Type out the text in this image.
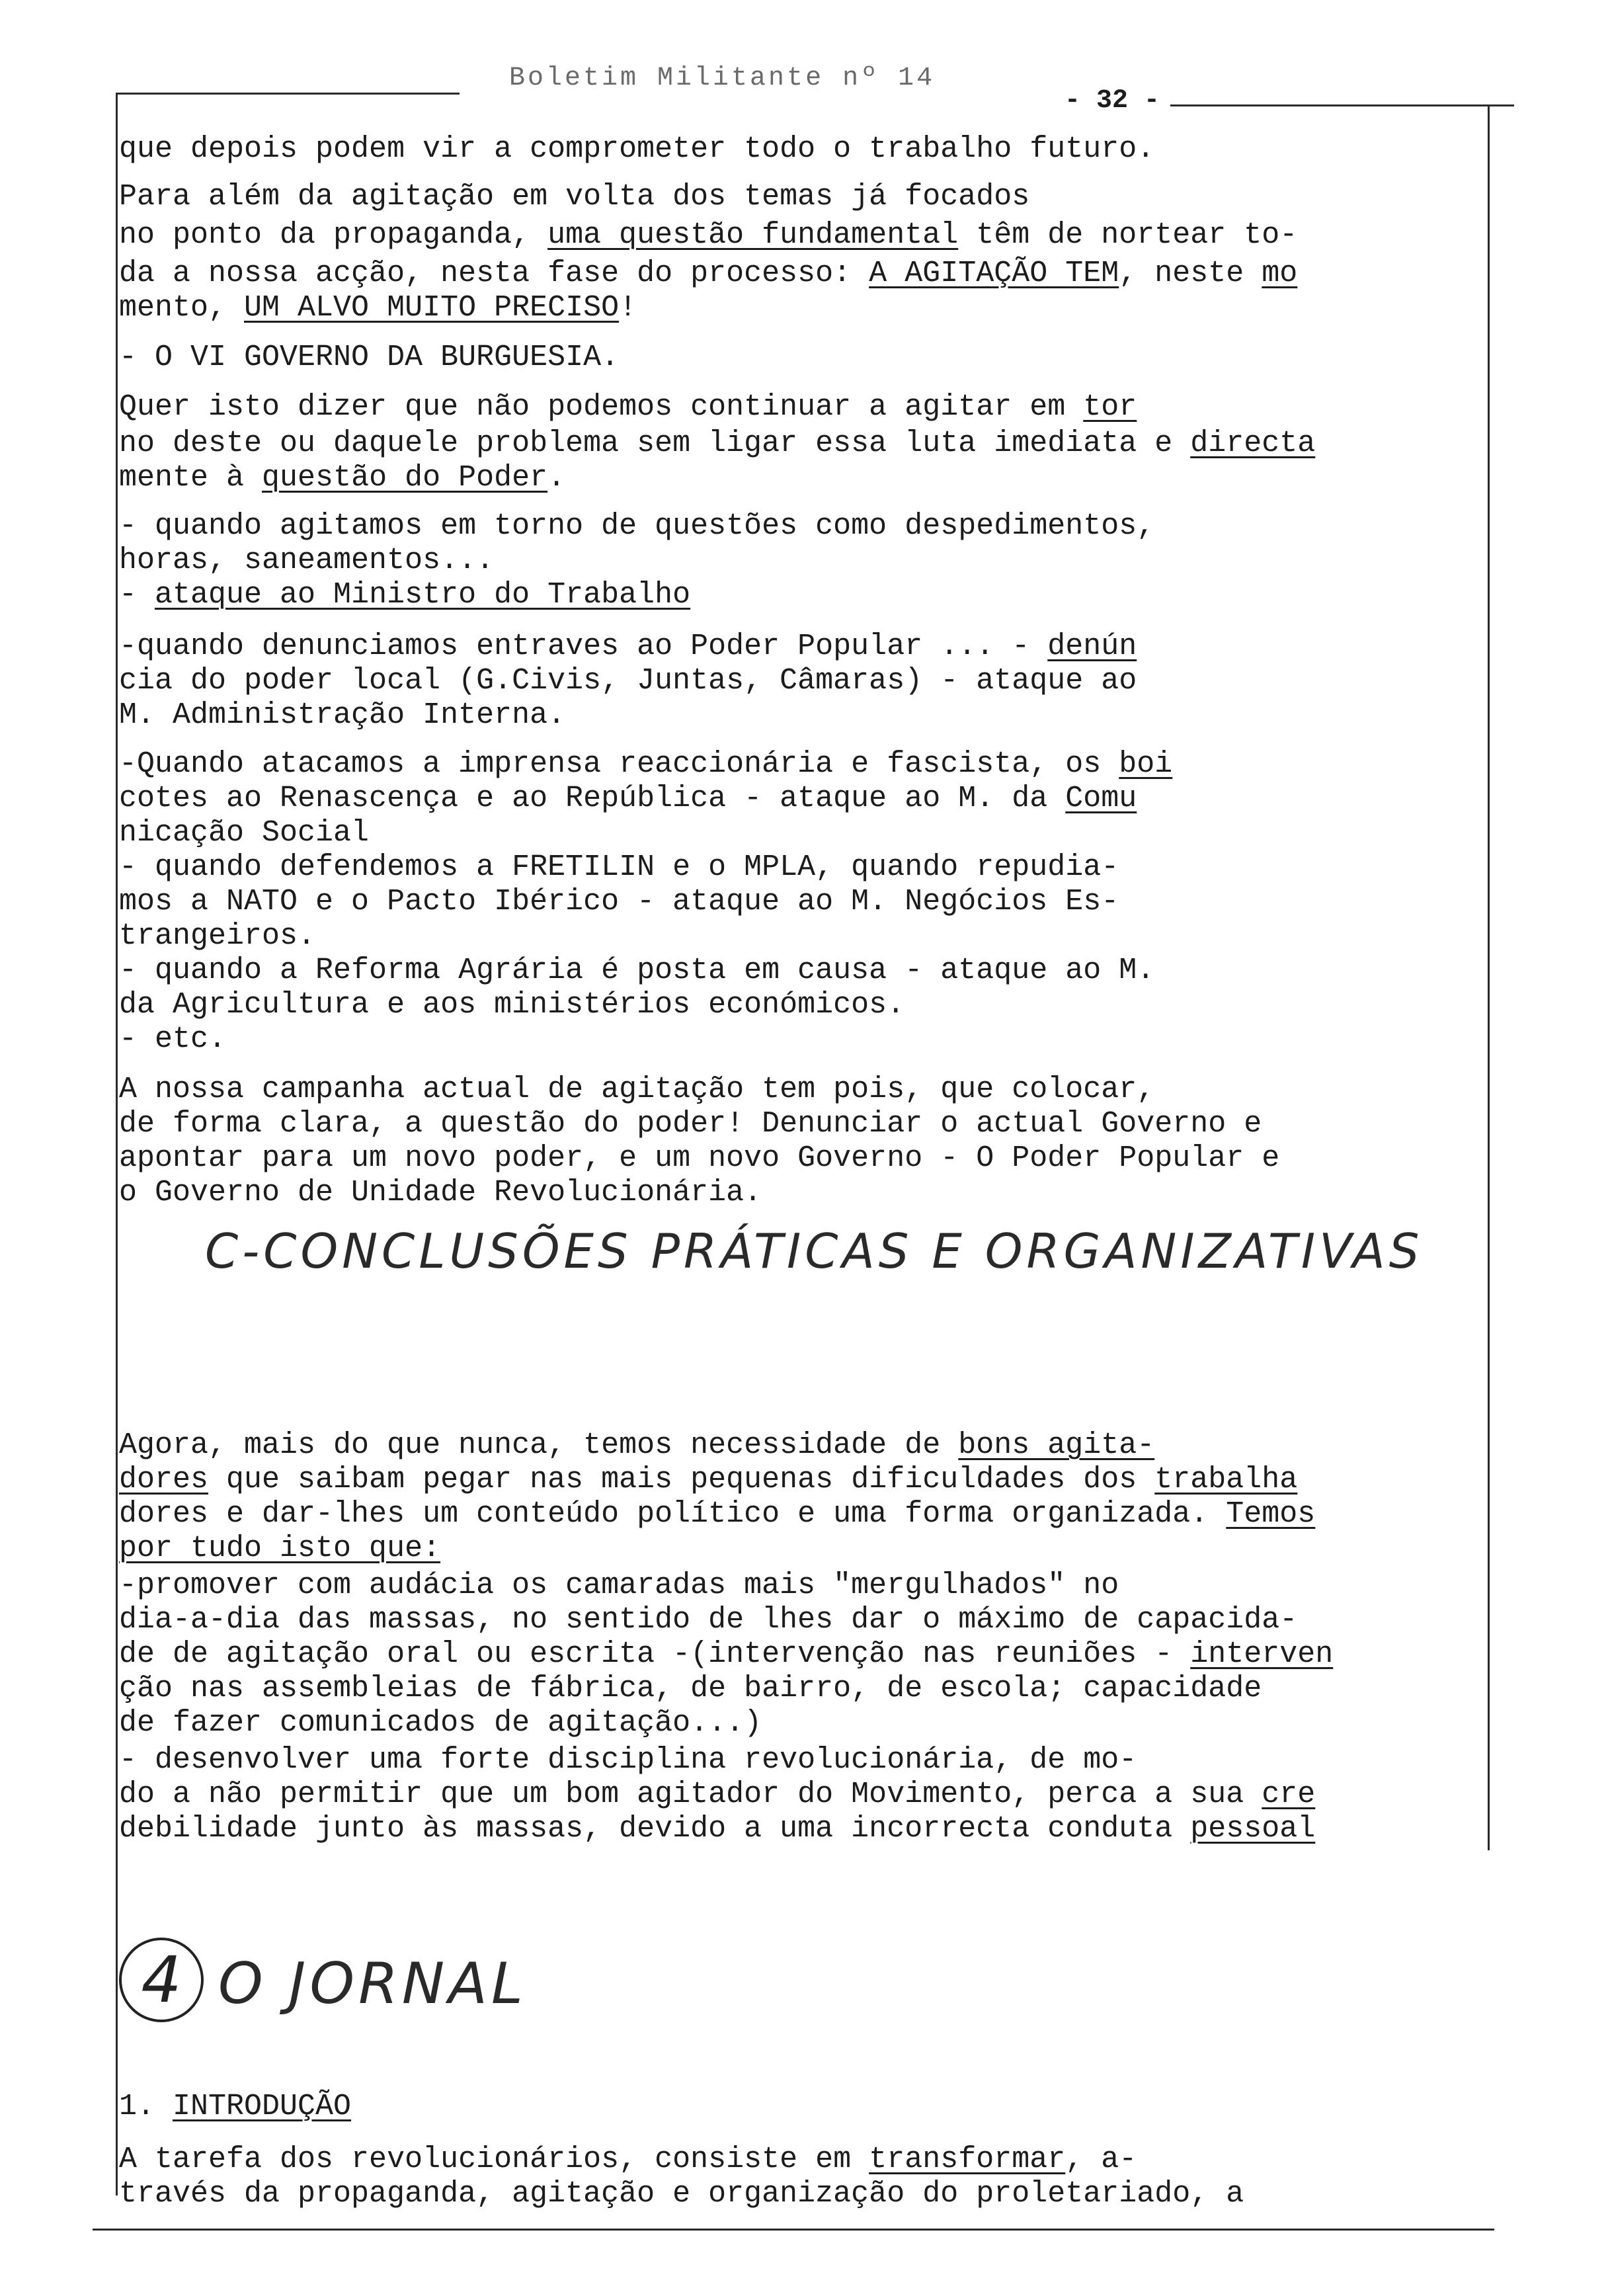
Boletim Militante nº 14
- 32 -
que depois podem vir a comprometer todo o trabalho futuro.
Para além da agitação em volta dos temas já focados
no ponto da propaganda, uma questão fundamental têm de nortear to-
da a nossa acção, nesta fase do processo: A AGITAÇÃO TEM, neste mo
mento, UM ALVO MUITO PRECISO!
- O VI GOVERNO DA BURGUESIA.
Quer isto dizer que não podemos continuar a agitar em tor
no deste ou daquele problema sem ligar essa luta imediata e directa
mente à questão do Poder.
- quando agitamos em torno de questões como despedimentos,
horas, saneamentos...
- ataque ao Ministro do Trabalho
-quando denunciamos entraves ao Poder Popular ... - denún
cia do poder local (G.Civis, Juntas, Câmaras) - ataque ao
M. Administração Interna.
-Quando atacamos a imprensa reaccionária e fascista, os boi
cotes ao Renascença e ao República - ataque ao M. da Comu
nicação Social
- quando defendemos a FRETILIN e o MPLA, quando repudia-
mos a NATO e o Pacto Ibérico - ataque ao M. Negócios Es-
trangeiros.
- quando a Reforma Agrária é posta em causa - ataque ao M.
da Agricultura e aos ministérios económicos.
- etc.
A nossa campanha actual de agitação tem pois, que colocar,
de forma clara, a questão do poder! Denunciar o actual Governo e
apontar para um novo poder, e um novo Governo - O Poder Popular e
o Governo de Unidade Revolucionária.
Agora, mais do que nunca, temos necessidade de bons agita-
dores que saibam pegar nas mais pequenas dificuldades dos trabalha
dores e dar-lhes um conteúdo político e uma forma organizada. Temos
por tudo isto que:
-promover com audácia os camaradas mais "mergulhados" no
dia-a-dia das massas, no sentido de lhes dar o máximo de capacida-
de de agitação oral ou escrita -(intervenção nas reuniões - interven
ção nas assembleias de fábrica, de bairro, de escola; capacidade
de fazer comunicados de agitação...)
- desenvolver uma forte disciplina revolucionária, de mo-
do a não permitir que um bom agitador do Movimento, perca a sua cre
debilidade junto às massas, devido a uma incorrecta conduta pessoal
1. INTRODUÇÃO
A tarefa dos revolucionários, consiste em transformar, a-
través da propaganda, agitação e organização do proletariado, a
C-CONCLUSÕES PRÁTICAS E ORGANIZATIVAS
4 O JORNAL
